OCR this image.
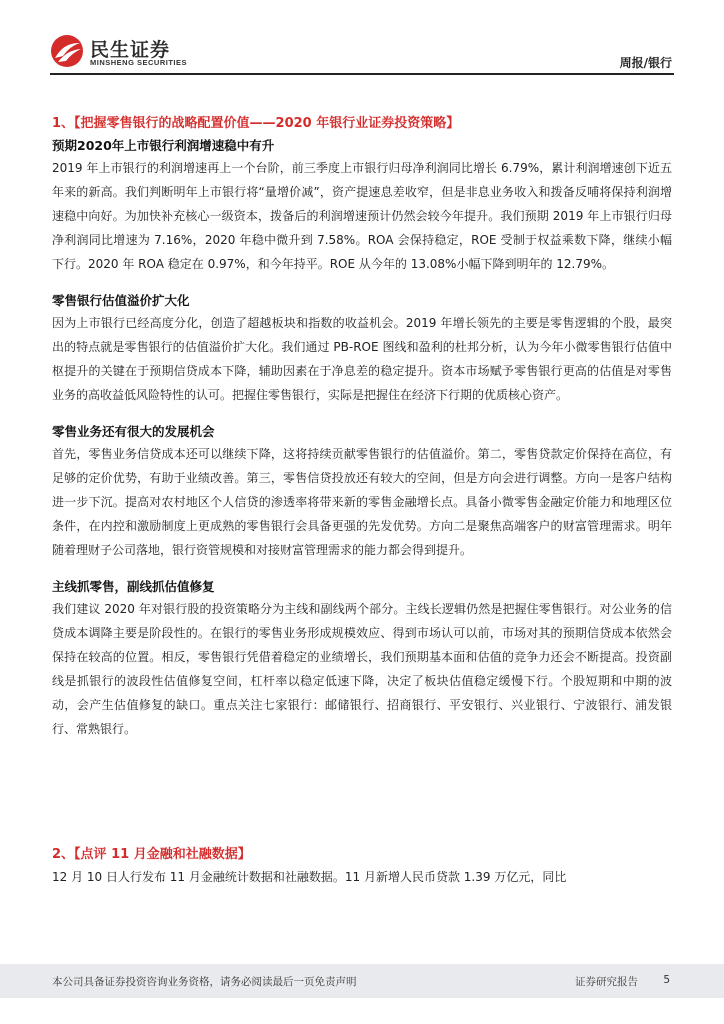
民生证券
MINSHENG SECURITIES	周报/银行
1、【把握零售银行的战略配置价值——2020 年银行业证券投资策略】
预期2020年上市银行利润增速稳中有升

2019 年上市银行的利润增速再上一个台阶，前三季度上市银行归母净利润同比增长 6.79%，累计利润增速创下近五年来的新高。我们判断明年上市银行将“量增价减”，资产提速息差收窄，但是非息业务收入和拨备反哺将保持利润增速稳中向好。为加快补充核心一级资本，拨备后的利润增速预计仍然会较今年提升。我们预期 2019 年上市银行归母净利润同比增速为 7.16%，2020 年稳中微升到 7.58%。ROA 会保持稳定，ROE 受制于权益乘数下降，继续小幅下行。2020 年 ROA 稳定在 0.97%，和今年持平。ROE 从今年的 13.08%小幅下降到明年的 12.79%。

零售银行估值溢价扩大化

因为上市银行已经高度分化，创造了超越板块和指数的收益机会。2019 年增长领先的主要是零售逻辑的个股，最突出的特点就是零售银行的估值溢价扩大化。我们通过 PB-ROE 图线和盈利的杜邦分析，认为今年小微零售银行估值中枢提升的关键在于预期信贷成本下降，辅助因素在于净息差的稳定提升。资本市场赋予零售银行更高的估值是对零售业务的高收益低风险特性的认可。把握住零售银行，实际是把握住在经济下行期的优质核心资产。

零售业务还有很大的发展机会

首先，零售业务信贷成本还可以继续下降，这将持续贡献零售银行的估值溢价。第二，零售贷款定价保持在高位，有足够的定价优势，有助于业绩改善。第三，零售信贷投放还有较大的空间，但是方向会进行调整。方向一是客户结构进一步下沉。提高对农村地区个人信贷的渗透率将带来新的零售金融增长点。具备小微零售金融定价能力和地理区位条件，在内控和激励制度上更成熟的零售银行会具备更强的先发优势。方向二是聚焦高端客户的财富管理需求。明年随着理财子公司落地，银行资管规模和对接财富管理需求的能力都会得到提升。

主线抓零售，副线抓估值修复

我们建议 2020 年对银行股的投资策略分为主线和副线两个部分。主线长逻辑仍然是把握住零售银行。对公业务的信贷成本调降主要是阶段性的。在银行的零售业务形成规模效应、得到市场认可以前，市场对其的预期信贷成本依然会保持在较高的位置。相反，零售银行凭借着稳定的业绩增长，我们预期基本面和估值的竞争力还会不断提高。投资副线是抓银行的波段性估值修复空间，杠杆率以稳定低速下降，决定了板块估值稳定缓慢下行。个股短期和中期的波动，会产生估值修复的缺口。重点关注七家银行：邮储银行、招商银行、平安银行、兴业银行、宁波银行、浦发银行、常熟银行。

2、【点评 11 月金融和社融数据】

12 月 10 日人行发布 11 月金融统计数据和社融数据。11 月新增人民币贷款 1.39 万亿元，同比

本公司具备证券投资咨询业务资格，请务必阅读最后一页免责声明	证券研究报告 5
